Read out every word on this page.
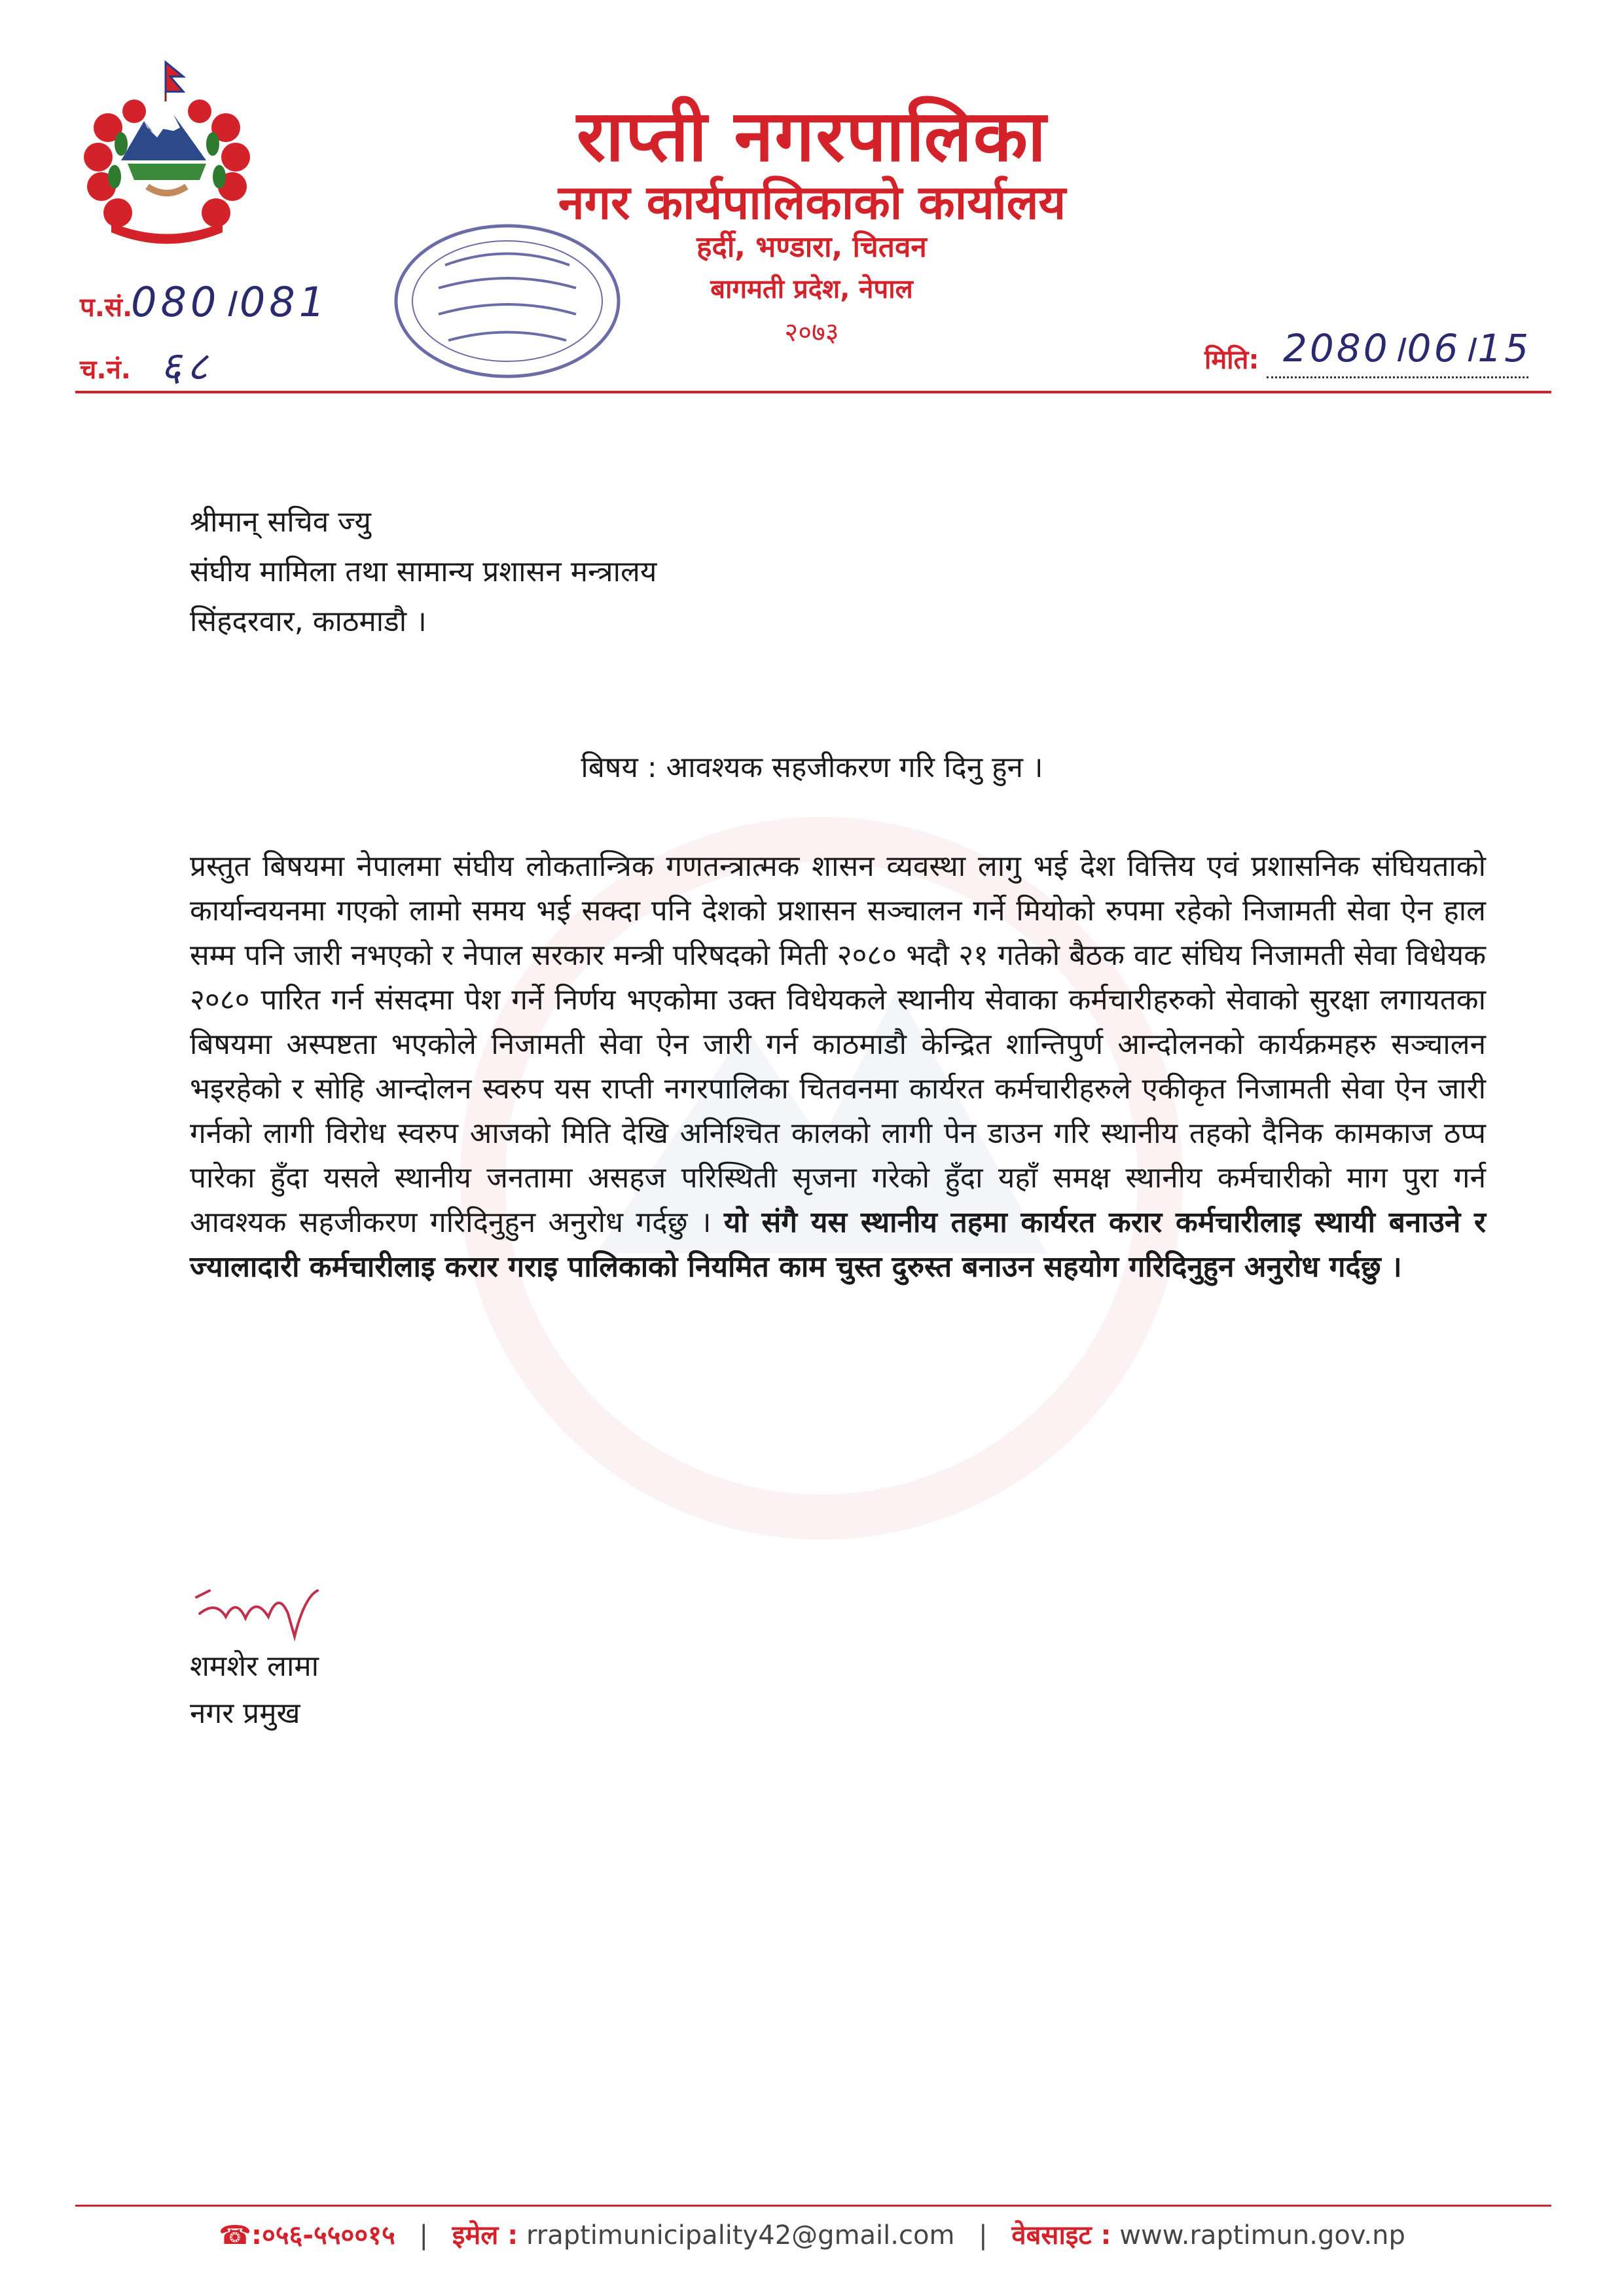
राप्ती नगरपालिका
नगर कार्यपालिकाको कार्यालय
हर्दी, भण्डारा, चितवन
बागमती प्रदेश, नेपाल
२०७३
प.सं.
080।081
च.नं. ६८	मिति: 2080।06।15
श्रीमान् सचिव ज्यु
संघीय मामिला तथा सामान्य प्रशासन मन्त्रालय
सिंहदरवार, काठमाडौ ।
बिषय : आवश्यक सहजीकरण गरि दिनु हुन ।
प्रस्तुत बिषयमा नेपालमा संघीय लोकतान्त्रिक गणतन्त्रात्मक शासन व्यवस्था लागु भई देश वित्तिय एवं प्रशासनिक संघियताको कार्यान्वयनमा गएको लामो समय भई सक्दा पनि देशको प्रशासन सञ्चालन गर्ने मियोको रुपमा रहेको निजामती सेवा ऐन हाल सम्म पनि जारी नभएको र नेपाल सरकार मन्त्री परिषदको मिती २०८० भदौ २१ गतेको बैठक वाट संघिय निजामती सेवा विधेयक २०८० पारित गर्न संसदमा पेश गर्ने निर्णय भएकोमा उक्त विधेयकले स्थानीय सेवाका कर्मचारीहरुको सेवाको सुरक्षा लगायतका बिषयमा अस्पष्टता भएकोले निजामती सेवा ऐन जारी गर्न काठमाडौ केन्द्रित शान्तिपुर्ण आन्दोलनको कार्यक्रमहरु सञ्चालन भइरहेको र सोहि आन्दोलन स्वरुप यस राप्ती नगरपालिका चितवनमा कार्यरत कर्मचारीहरुले एकीकृत निजामती सेवा ऐन जारी गर्नको लागी विरोध स्वरुप आजको मिति देखि अनिश्चित कालको लागी पेन डाउन गरि स्थानीय तहको दैनिक कामकाज ठप्प पारेका हुँदा यसले स्थानीय जनतामा असहज परिस्थिती सृजना गरेको हुँदा यहाँ समक्ष स्थानीय कर्मचारीको माग पुरा गर्न आवश्यक सहजीकरण गरिदिनुहुन अनुरोध गर्दछु । यो संगै यस स्थानीय तहमा कार्यरत करार कर्मचारीलाइ स्थायी बनाउने र ज्यालादारी कर्मचारीलाइ करार गराइ पालिकाको नियमित काम चुस्त दुरुस्त बनाउन सहयोग गरिदिनुहुन अनुरोध गर्दछु ।
शमशेर लामा
नगर प्रमुख
☎:०५६-५५००१५ | इमेल : rraptimunicipality42@gmail.com | वेबसाइट : www.raptimun.gov.np
